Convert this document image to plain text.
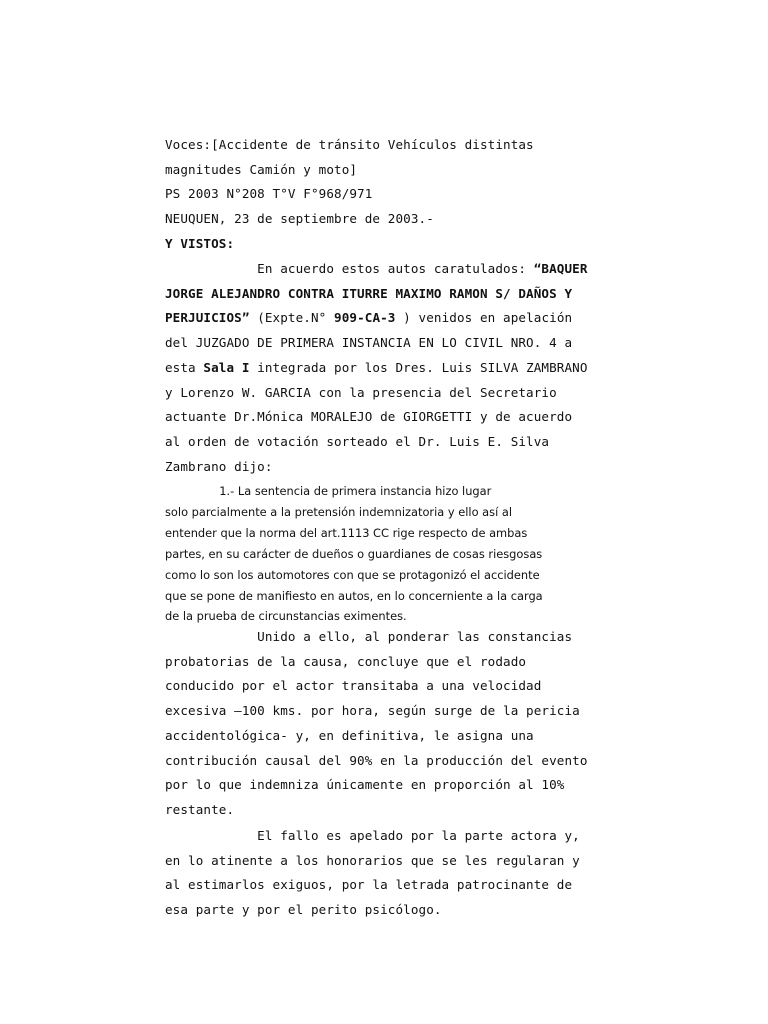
Voces:[Accidente de tránsito Vehículos distintas
magnitudes Camión y moto]
PS 2003 N°208 T°V F°968/971
NEUQUEN, 23 de septiembre de 2003.-
Y VISTOS:
En acuerdo estos autos caratulados: “BAQUER
JORGE ALEJANDRO CONTRA ITURRE MAXIMO RAMON S/ DAÑOS Y
PERJUICIOS” (Expte.N° 909-CA-3 ) venidos en apelación
del JUZGADO DE PRIMERA INSTANCIA EN LO CIVIL NRO. 4 a
esta Sala I integrada por los Dres. Luis SILVA ZAMBRANO
y Lorenzo W. GARCIA con la presencia del Secretario
actuante Dr.Mónica MORALEJO de GIORGETTI y de acuerdo
al orden de votación sorteado el Dr. Luis E. Silva
Zambrano dijo:
1.- La sentencia de primera instancia hizo lugar
solo parcialmente a la pretensión indemnizatoria y ello así al
entender que la norma del art.1113 CC rige respecto de ambas
partes, en su carácter de dueños o guardianes de cosas riesgosas
como lo son los automotores con que se protagonizó el accidente
que se pone de manifiesto en autos, en lo concerniente a la carga
de la prueba de circunstancias eximentes.
Unido a ello, al ponderar las constancias
probatorias de la causa, concluye que el rodado
conducido por el actor transitaba a una velocidad
excesiva –100 kms. por hora, según surge de la pericia
accidentológica- y, en definitiva, le asigna una
contribución causal del 90% en la producción del evento
por lo que indemniza únicamente en proporción al 10%
restante.
El fallo es apelado por la parte actora y,
en lo atinente a los honorarios que se les regularan y
al estimarlos exiguos, por la letrada patrocinante de
esa parte y por el perito psicólogo.
